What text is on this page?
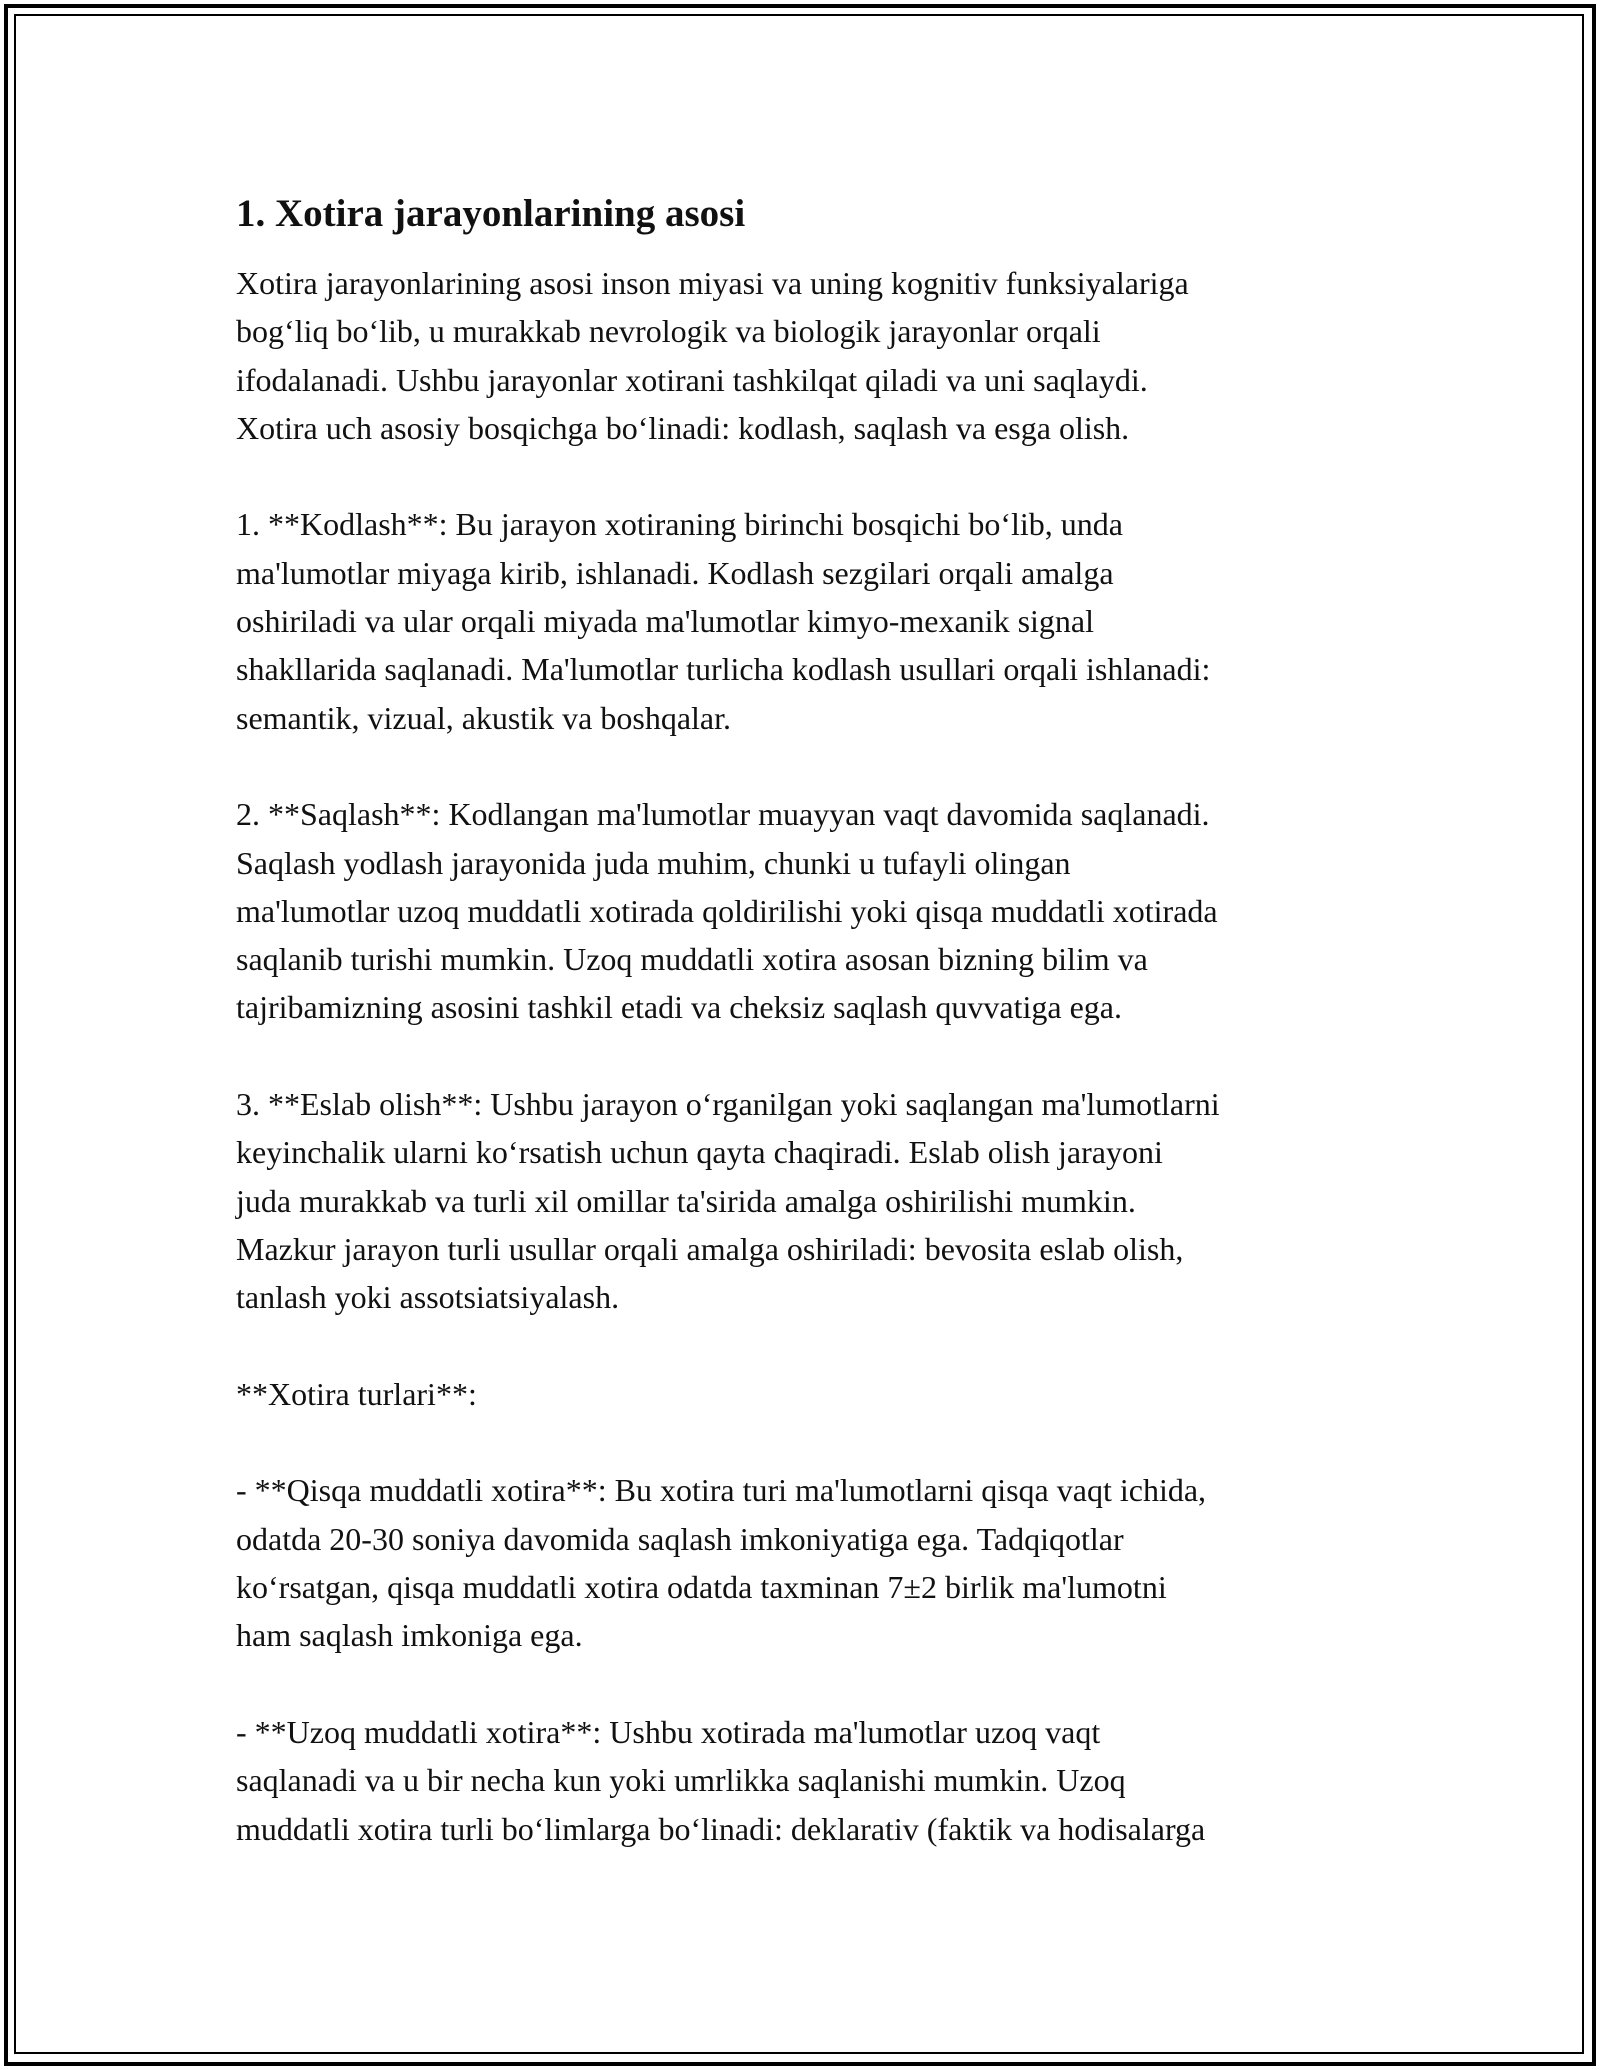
1. Xotira jarayonlarining asosi

Xotira jarayonlarining asosi inson miyasi va uning kognitiv funksiyalariga
bog‘liq bo‘lib, u murakkab nevrologik va biologik jarayonlar orqali
ifodalanadi. Ushbu jarayonlar xotirani tashkilqat qiladi va uni saqlaydi.
Xotira uch asosiy bosqichga bo‘linadi: kodlash, saqlash va esga olish.

1. **Kodlash**: Bu jarayon xotiraning birinchi bosqichi bo‘lib, unda
ma'lumotlar miyaga kirib, ishlanadi. Kodlash sezgilari orqali amalga
oshiriladi va ular orqali miyada ma'lumotlar kimyo-mexanik signal
shakllarida saqlanadi. Ma'lumotlar turlicha kodlash usullari orqali ishlanadi:
semantik, vizual, akustik va boshqalar.

2. **Saqlash**: Kodlangan ma'lumotlar muayyan vaqt davomida saqlanadi.
Saqlash yodlash jarayonida juda muhim, chunki u tufayli olingan
ma'lumotlar uzoq muddatli xotirada qoldirilishi yoki qisqa muddatli xotirada
saqlanib turishi mumkin. Uzoq muddatli xotira asosan bizning bilim va
tajribamizning asosini tashkil etadi va cheksiz saqlash quvvatiga ega.

3. **Eslab olish**: Ushbu jarayon o‘rganilgan yoki saqlangan ma'lumotlarni
keyinchalik ularni ko‘rsatish uchun qayta chaqiradi. Eslab olish jarayoni
juda murakkab va turli xil omillar ta'sirida amalga oshirilishi mumkin.
Mazkur jarayon turli usullar orqali amalga oshiriladi: bevosita eslab olish,
tanlash yoki assotsiatsiyalash.

**Xotira turlari**:

- **Qisqa muddatli xotira**: Bu xotira turi ma'lumotlarni qisqa vaqt ichida,
odatda 20-30 soniya davomida saqlash imkoniyatiga ega. Tadqiqotlar
ko‘rsatgan, qisqa muddatli xotira odatda taxminan 7±2 birlik ma'lumotni
ham saqlash imkoniga ega.

- **Uzoq muddatli xotira**: Ushbu xotirada ma'lumotlar uzoq vaqt
saqlanadi va u bir necha kun yoki umrlikka saqlanishi mumkin. Uzoq
muddatli xotira turli bo‘limlarga bo‘linadi: deklarativ (faktik va hodisalarga
